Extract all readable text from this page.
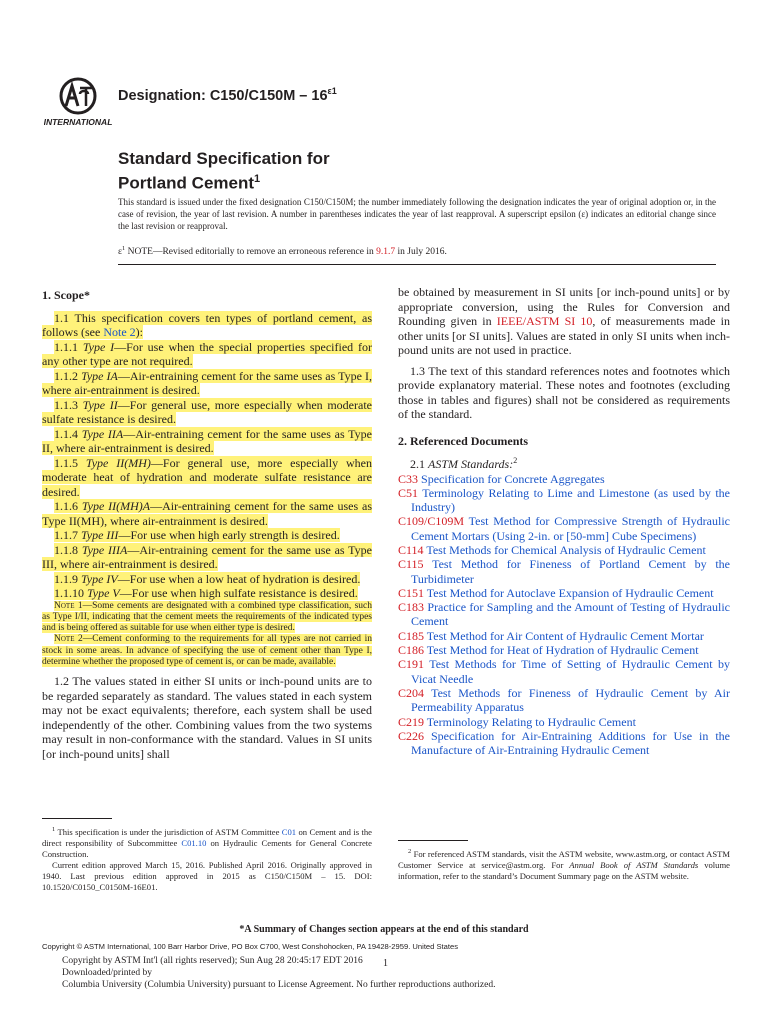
INTERNATIONAL
Designation: $C150/C150M - 16^{\varepsilon 1}$
Standard Specification for
Portland Cement$^1$
This standard is issued under the fixed designation C150/C150M; the number immediately following the designation indicates the year of original adoption or, in the case of revision, the year of last revision. A number in parentheses indicates the year of last reapproval. A superscript epsilon (ε) indicates an editorial change since the last revision or reapproval.
$\varepsilon^1$ NOTE—Revised editorially to remove an erroneous reference in 9.1.7 in July 2016.

1. Scope*

1.1 This specification covers ten types of portland cement, as follows (see Note 2):

1.1.1 Type I—For use when the special properties specified for any other type are not required.

1.1.2 Type IA—Air-entraining cement for the same uses as Type I, where air-entrainment is desired.

1.1.3 Type II—For general use, more especially when moderate sulfate resistance is desired.

1.1.4 Type IIA—Air-entraining cement for the same uses as Type II, where air-entrainment is desired.

1.1.5 Type II(MH)—For general use, more especially when moderate heat of hydration and moderate sulfate resistance are desired.

1.1.6 Type II(MH)A—Air-entraining cement for the same uses as Type II(MH), where air-entrainment is desired.

1.1.7 Type III—For use when high early strength is desired.

1.1.8 Type IIIA—Air-entraining cement for the same use as Type III, where air-entrainment is desired.

1.1.9 Type IV—For use when a low heat of hydration is desired.

1.1.10 Type V—For use when high sulfate resistance is desired.

Note 1—Some cements are designated with a combined type classification, such as Type I/II, indicating that the cement meets the requirements of the indicated types and is being offered as suitable for use when either type is desired.

Note 2—Cement conforming to the requirements for all types are not carried in stock in some areas. In advance of specifying the use of cement other than Type I, determine whether the proposed type of cement is, or can be made, available.

1.2 The values stated in either SI units or inch-pound units are to be regarded separately as standard. The values stated in each system may not be exact equivalents; therefore, each system shall be used independently of the other. Combining values from the two systems may result in non-conformance with the standard. Values in SI units [or inch-pound units] shall

be obtained by measurement in SI units [or inch-pound units] or by appropriate conversion, using the Rules for Conversion and Rounding given in IEEE/ASTM SI 10, of measurements made in other units [or SI units]. Values are stated in only SI units when inch-pound units are not used in practice.

1.3 The text of this standard references notes and footnotes which provide explanatory material. These notes and footnotes (excluding those in tables and figures) shall not be considered as requirements of the standard.

2. Referenced Documents

2.1 ASTM Standards:$^2$

C33 Specification for Concrete Aggregates

C51 Terminology Relating to Lime and Limestone (as used by the Industry)

C109/C109M Test Method for Compressive Strength of Hydraulic Cement Mortars (Using 2-in. or [50-mm] Cube Specimens)

C114 Test Methods for Chemical Analysis of Hydraulic Cement

C115 Test Method for Fineness of Portland Cement by the Turbidimeter

C151 Test Method for Autoclave Expansion of Hydraulic Cement

C183 Practice for Sampling and the Amount of Testing of Hydraulic Cement

C185 Test Method for Air Content of Hydraulic Cement Mortar

C186 Test Method for Heat of Hydration of Hydraulic Cement

C191 Test Methods for Time of Setting of Hydraulic Cement by Vicat Needle

C204 Test Methods for Fineness of Hydraulic Cement by Air Permeability Apparatus

C219 Terminology Relating to Hydraulic Cement

C226 Specification for Air-Entraining Additions for Use in the Manufacture of Air-Entraining Hydraulic Cement

$^1$ This specification is under the jurisdiction of ASTM Committee C01 on Cement and is the direct responsibility of Subcommittee C01.10 on Hydraulic Cements for General Concrete Construction.

Current edition approved March 15, 2016. Published April 2016. Originally approved in 1940. Last previous edition approved in 2015 as C150/C150M – 15. DOI: 10.1520/C0150_C0150M-16E01.

$^2$ For referenced ASTM standards, visit the ASTM website, www.astm.org, or contact ASTM Customer Service at service@astm.org. For Annual Book of ASTM Standards volume information, refer to the standard’s Document Summary page on the ASTM website.

*A Summary of Changes section appears at the end of this standard
Copyright © ASTM International, 100 Barr Harbor Drive, PO Box C700, West Conshohocken, PA 19428-2959. United States
Copyright by ASTM Int'l (all rights reserved); Sun Aug 28 20:45:17 EDT 2016
Downloaded/printed by
Columbia University (Columbia University) pursuant to License Agreement. No further reproductions authorized.
1
